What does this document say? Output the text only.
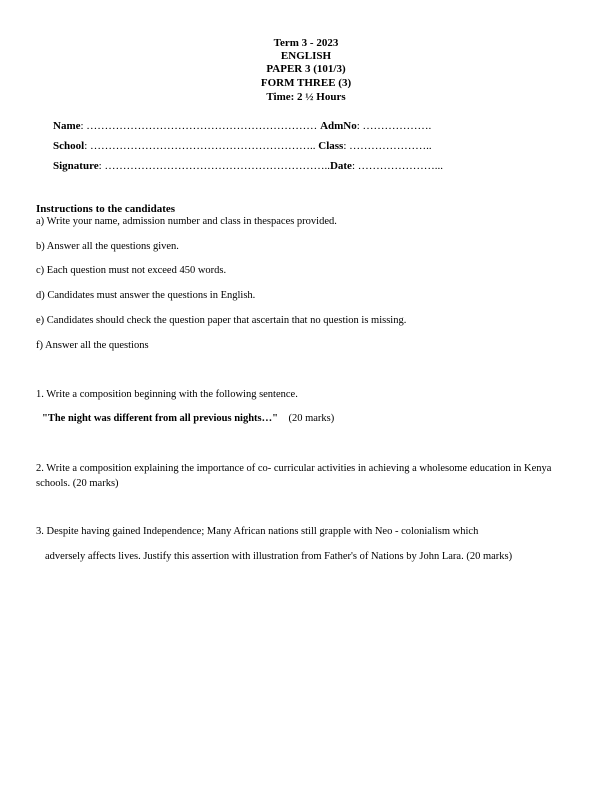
Term 3 - 2023
ENGLISH
PAPER 3 (101/3)
FORM THREE (3)
Time: 2 ½ Hours
Name: ……………………………………………………… AdmNo: ……………….
School: …………………………………………………….. Class: …………………..
Signature: ……………………………………………………..Date: …………………...
Instructions to the candidates
a) Write your name, admission number and class in thespaces provided.
b) Answer all the questions given.
c) Each question must not exceed 450 words.
d) Candidates must answer the questions in English.
e) Candidates should check the question paper that ascertain that no question is missing.
f) Answer all the questions
1. Write a composition beginning with the following sentence.
"The night was different from all previous nights…" (20 marks)
2. Write a composition explaining the importance of co- curricular activities in achieving a wholesome education in Kenya schools. (20 marks)
3. Despite having gained Independence; Many African nations still grapple with Neo - colonialism which
adversely affects lives. Justify this assertion with illustration from Father's of Nations by John Lara. (20 marks)
